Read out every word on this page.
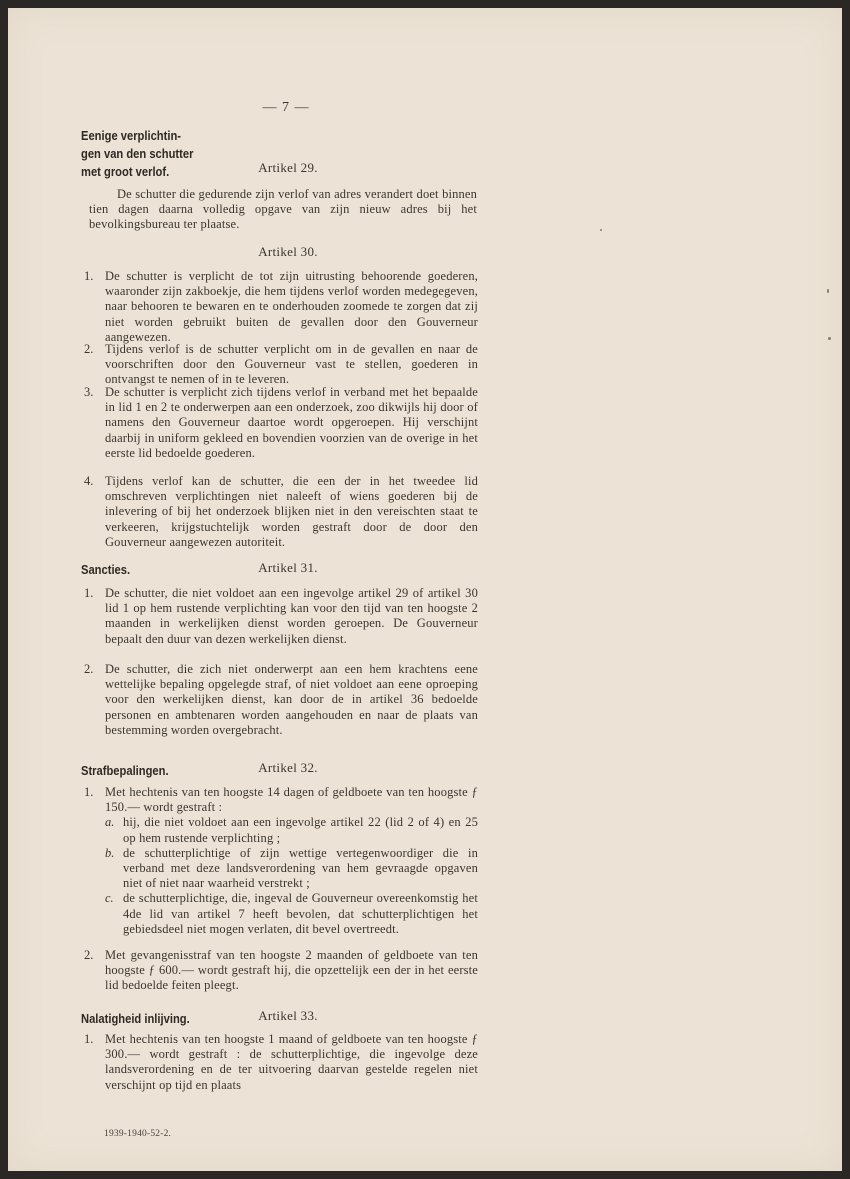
— 7 —
Eenige verplichtin-
gen van den schutter
met groot verlof.	Artikel 29.
De schutter die gedurende zijn verlof van adres verandert doet binnen tien dagen daarna volledig opgave van zijn nieuw adres bij het bevolkingsbureau ter plaatse.
Artikel 30.
1. De schutter is verplicht de tot zijn uitrusting behoorende goederen, waaronder zijn zakboekje, die hem tijdens verlof worden medegegeven, naar behooren te bewaren en te onderhouden zoomede te zorgen dat zij niet worden gebruikt buiten de gevallen door den Gouverneur aangewezen.
2. Tijdens verlof is de schutter verplicht om in de gevallen en naar de voorschriften door den Gouverneur vast te stellen, goederen in ontvangst te nemen of in te leveren.
3. De schutter is verplicht zich tijdens verlof in verband met het bepaalde in lid 1 en 2 te onderwerpen aan een onderzoek, zoo dikwijls hij door of namens den Gouverneur daartoe wordt opgeroepen. Hij verschijnt daarbij in uniform gekleed en bovendien voorzien van de overige in het eerste lid bedoelde goederen.
4. Tijdens verlof kan de schutter, die een der in het tweedee lid omschreven verplichtingen niet naleeft of wiens goederen bij de inlevering of bij het onderzoek blijken niet in den vereischten staat te verkeeren, krijgstuchtelijk worden gestraft door de door den Gouverneur aangewezen autoriteit.
Sancties.	Artikel 31.
1. De schutter, die niet voldoet aan een ingevolge artikel 29 of artikel 30 lid 1 op hem rustende verplichting kan voor den tijd van ten hoogste 2 maanden in werkelijken dienst worden geroepen. De Gouverneur bepaalt den duur van dezen werkelijken dienst.
2. De schutter, die zich niet onderwerpt aan een hem krachtens eene wettelijke bepaling opgelegde straf, of niet voldoet aan eene oproeping voor den werkelijken dienst, kan door de in artikel 36 bedoelde personen en ambtenaren worden aangehouden en naar de plaats van bestemming worden overgebracht.
Strafbepalingen.	Artikel 32.
1. Met hechtenis van ten hoogste 14 dagen of geldboete van ten hoogste ƒ 150.— wordt gestraft :
a. hij, die niet voldoet aan een ingevolge artikel 22 (lid 2 of 4) en 25 op hem rustende verplichting ;
b. de schutterplichtige of zijn wettige vertegenwoordiger die in verband met deze landsverordening van hem gevraagde opgaven niet of niet naar waarheid verstrekt ;
c. de schutterplichtige, die, ingeval de Gouverneur overeenkomstig het 4de lid van artikel 7 heeft bevolen, dat schutterplichtigen het gebiedsdeel niet mogen verlaten, dit bevel overtreedt.
2. Met gevangenisstraf van ten hoogste 2 maanden of geldboete van ten hoogste ƒ 600.— wordt gestraft hij, die opzettelijk een der in het eerste lid bedoelde feiten pleegt.
Nalatigheid inlijving.	Artikel 33.
1. Met hechtenis van ten hoogste 1 maand of geldboete van ten hoogste ƒ 300.— wordt gestraft : de schutterplichtige, die ingevolge deze landsverordening en de ter uitvoering daarvan gestelde regelen niet verschijnt op tijd en plaats
1939-1940-52-2.
